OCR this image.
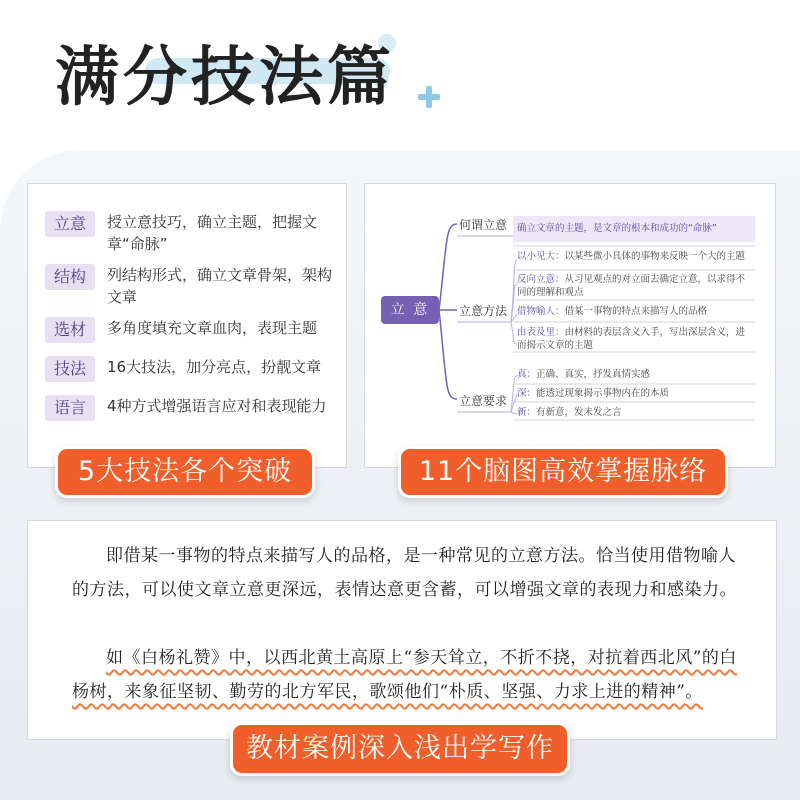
满分技法篇
立意	授立意技巧，确立主题，把握文章“命脉”
结构	列结构形式，确立文章骨架，架构文章
选材	多角度填充文章血肉，表现主题
技法	16大技法，加分亮点，扮靓文章
语言	4种方式增强语言应对和表现能力
5大技法各个突破
立 意
何谓立意 确立文章的主题，是文章的根本和成功的“命脉”
立意方法
以小见大：以某些微小具体的事物来反映一个大的主题
反向立意：从习见观点的对立面去确定立意，以求得不同的理解和观点
借物喻人：借某一事物的特点来描写人的品格
由表及里：由材料的表层含义入手，写出深层含义，进而揭示文章的主题
立意要求
真：正确、真实，抒发真情实感
深：能透过现象揭示事物内在的本质
新：有新意，发未发之言
11个脑图高效掌握脉络
即借某一事物的特点来描写人的品格，是一种常见的立意方法。恰当使用借物喻人的方法，可以使文章立意更深远，表情达意更含蓄，可以增强文章的表现力和感染力。
如《白杨礼赞》中，以西北黄土高原上“参天耸立，不折不挠，对抗着西北风”的白杨树，来象征坚韧、勤劳的北方军民，歌颂他们“朴质、坚强、力求上进的精神”。
教材案例深入浅出学写作
